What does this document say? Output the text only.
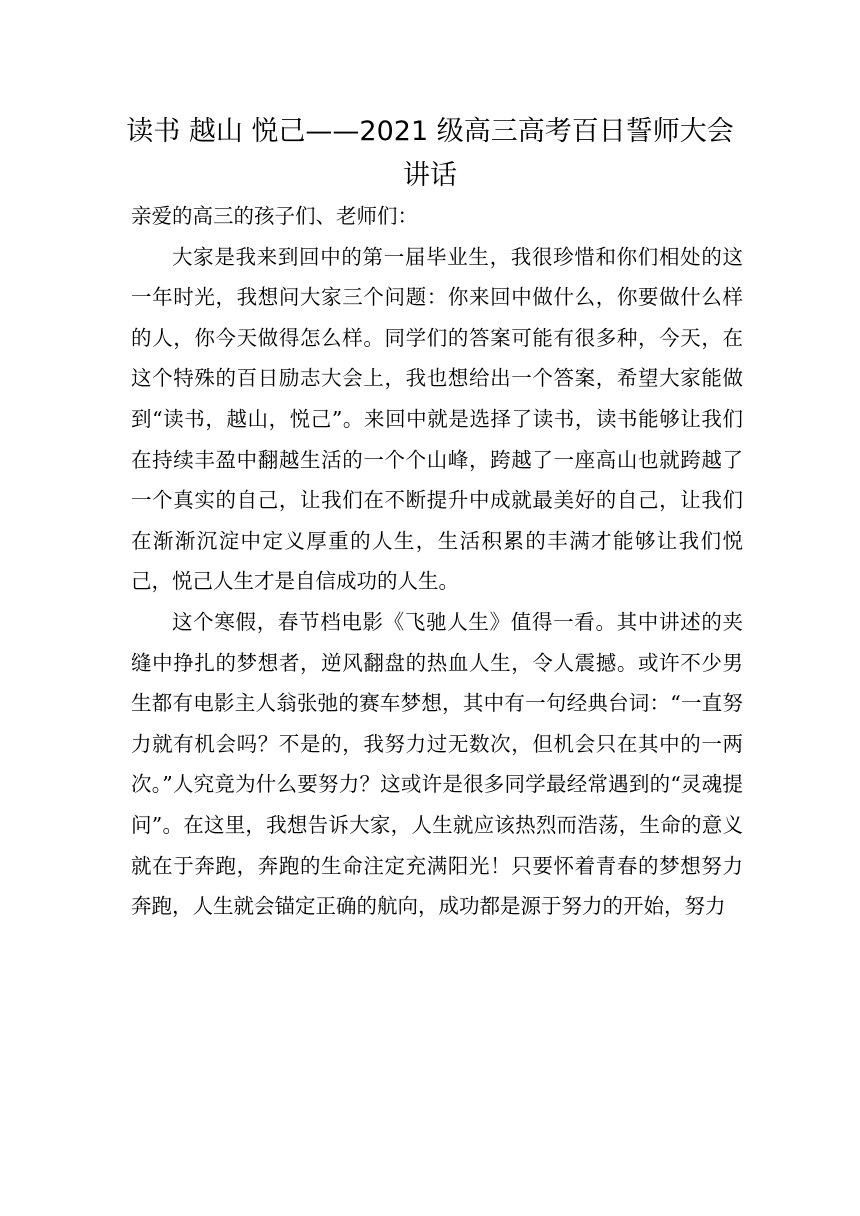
读书 越山 悦己——2021 级高三高考百日誓师大会讲话

亲爱的高三的孩子们、老师们：

大家是我来到回中的第一届毕业生，我很珍惜和你们相处的这一年时光，我想问大家三个问题：你来回中做什么，你要做什么样的人，你今天做得怎么样。同学们的答案可能有很多种，今天，在这个特殊的百日励志大会上，我也想给出一个答案，希望大家能做到“读书，越山，悦己”。来回中就是选择了读书，读书能够让我们在持续丰盈中翻越生活的一个个山峰，跨越了一座高山也就跨越了一个真实的自己，让我们在不断提升中成就最美好的自己，让我们在渐渐沉淀中定义厚重的人生，生活积累的丰满才能够让我们悦己，悦己人生才是自信成功的人生。

这个寒假，春节档电影《飞驰人生》值得一看。其中讲述的夹缝中挣扎的梦想者，逆风翻盘的热血人生，令人震撼。或许不少男生都有电影主人翁张弛的赛车梦想，其中有一句经典台词：“一直努力就有机会吗？不是的，我努力过无数次，但机会只在其中的一两次。”人究竟为什么要努力？这或许是很多同学最经常遇到的“灵魂提问”。在这里，我想告诉大家，人生就应该热烈而浩荡，生命的意义就在于奔跑，奔跑的生命注定充满阳光！只要怀着青春的梦想努力奔跑，人生就会锚定正确的航向，成功都是源于努力的开始，努力
